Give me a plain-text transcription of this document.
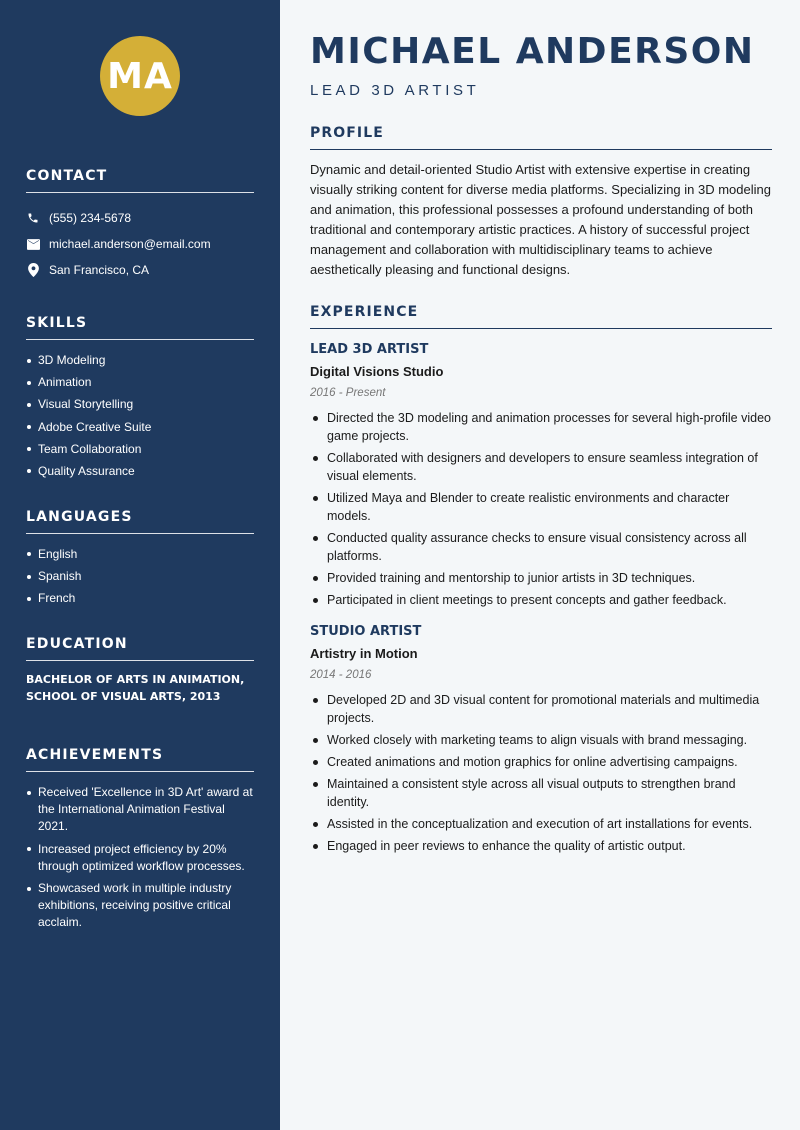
MA
CONTACT
(555) 234-5678
michael.anderson@email.com
San Francisco, CA
SKILLS
3D Modeling
Animation
Visual Storytelling
Adobe Creative Suite
Team Collaboration
Quality Assurance
LANGUAGES
English
Spanish
French
EDUCATION

BACHELOR OF ARTS IN ANIMATION, SCHOOL OF VISUAL ARTS, 2013

ACHIEVEMENTS
Received 'Excellence in 3D Art' award at the International Animation Festival 2021.
Increased project efficiency by 20% through optimized workflow processes.
Showcased work in multiple industry exhibitions, receiving positive critical acclaim.
MICHAEL ANDERSON
LEAD 3D ARTIST
PROFILE

Dynamic and detail-oriented Studio Artist with extensive expertise in creating visually striking content for diverse media platforms. Specializing in 3D modeling and animation, this professional possesses a profound understanding of both traditional and contemporary artistic practices. A history of successful project management and collaboration with multidisciplinary teams to achieve aesthetically pleasing and functional designs.

EXPERIENCE
LEAD 3D ARTIST
Digital Visions Studio
2016 - Present
Directed the 3D modeling and animation processes for several high-profile video game projects.
Collaborated with designers and developers to ensure seamless integration of visual elements.
Utilized Maya and Blender to create realistic environments and character models.
Conducted quality assurance checks to ensure visual consistency across all platforms.
Provided training and mentorship to junior artists in 3D techniques.
Participated in client meetings to present concepts and gather feedback.
STUDIO ARTIST
Artistry in Motion
2014 - 2016
Developed 2D and 3D visual content for promotional materials and multimedia projects.
Worked closely with marketing teams to align visuals with brand messaging.
Created animations and motion graphics for online advertising campaigns.
Maintained a consistent style across all visual outputs to strengthen brand identity.
Assisted in the conceptualization and execution of art installations for events.
Engaged in peer reviews to enhance the quality of artistic output.
